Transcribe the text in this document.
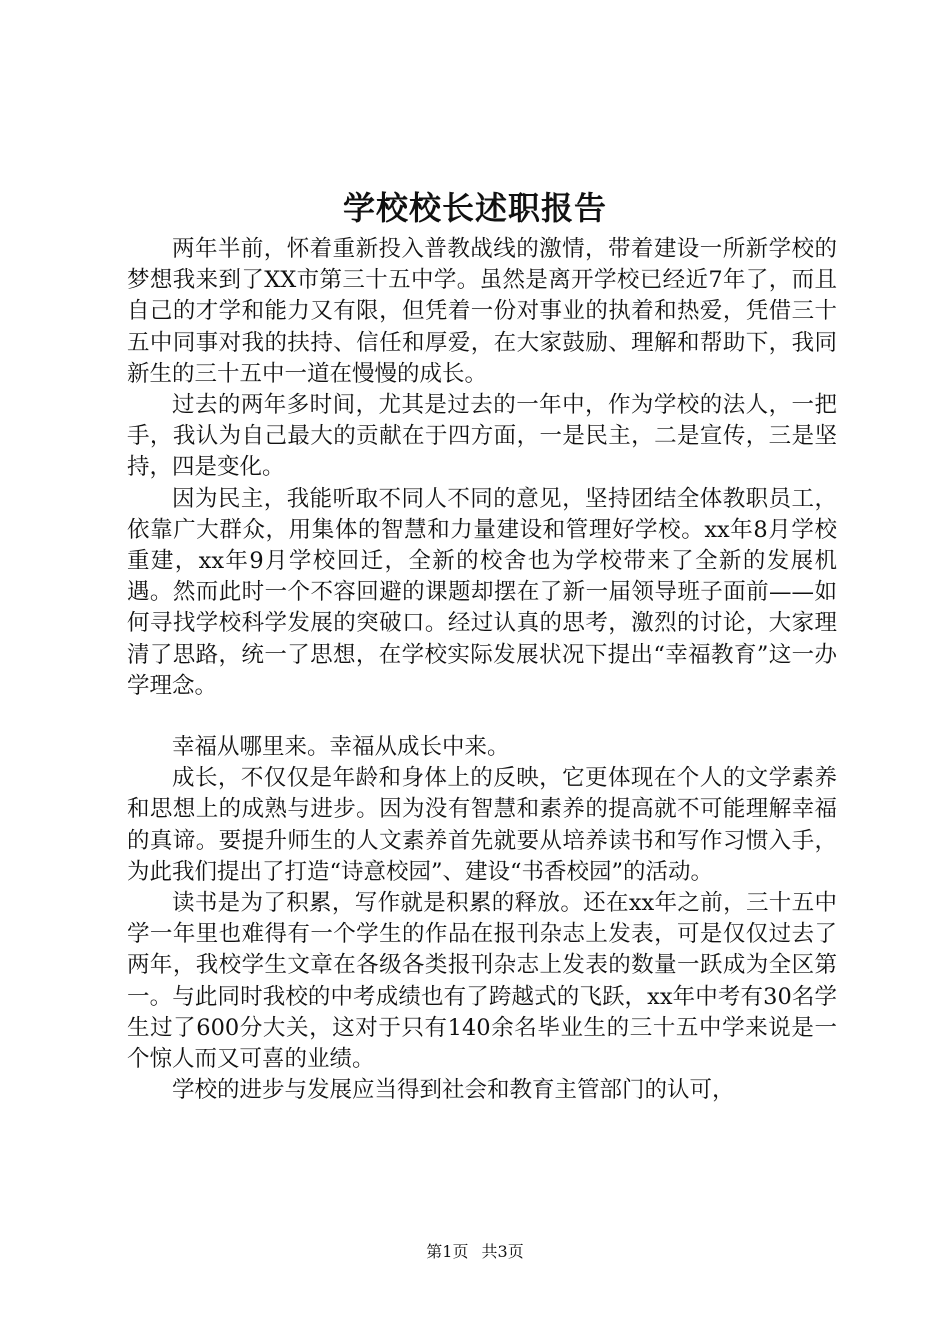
学校校长述职报告

两年半前，怀着重新投入普教战线的激情，带着建设一所新学校的梦想我来到了XX市第三十五中学。虽然是离开学校已经近7年了，而且自己的才学和能力又有限，但凭着一份对事业的执着和热爱，凭借三十五中同事对我的扶持、信任和厚爱，在大家鼓励、理解和帮助下，我同新生的三十五中一道在慢慢的成长。

过去的两年多时间，尤其是过去的一年中，作为学校的法人，一把手，我认为自己最大的贡献在于四方面，一是民主，二是宣传，三是坚持，四是变化。

因为民主，我能听取不同人不同的意见，坚持团结全体教职员工，依靠广大群众，用集体的智慧和力量建设和管理好学校。xx年8月学校重建，xx年9月学校回迁，全新的校舍也为学校带来了全新的发展机遇。然而此时一个不容回避的课题却摆在了新一届领导班子面前——如何寻找学校科学发展的突破口。经过认真的思考，激烈的讨论，大家理清了思路，统一了思想，在学校实际发展状况下提出“幸福教育”这一办学理念。

幸福从哪里来。幸福从成长中来。

成长，不仅仅是年龄和身体上的反映，它更体现在个人的文学素养和思想上的成熟与进步。因为没有智慧和素养的提高就不可能理解幸福的真谛。要提升师生的人文素养首先就要从培养读书和写作习惯入手，为此我们提出了打造“诗意校园”、建设“书香校园”的活动。

读书是为了积累，写作就是积累的释放。还在xx年之前，三十五中学一年里也难得有一个学生的作品在报刊杂志上发表，可是仅仅过去了两年，我校学生文章在各级各类报刊杂志上发表的数量一跃成为全区第一。与此同时我校的中考成绩也有了跨越式的飞跃，xx年中考有30名学生过了600分大关，这对于只有140余名毕业生的三十五中学来说是一个惊人而又可喜的业绩。

学校的进步与发展应当得到社会和教育主管部门的认可，

第1页 共3页
